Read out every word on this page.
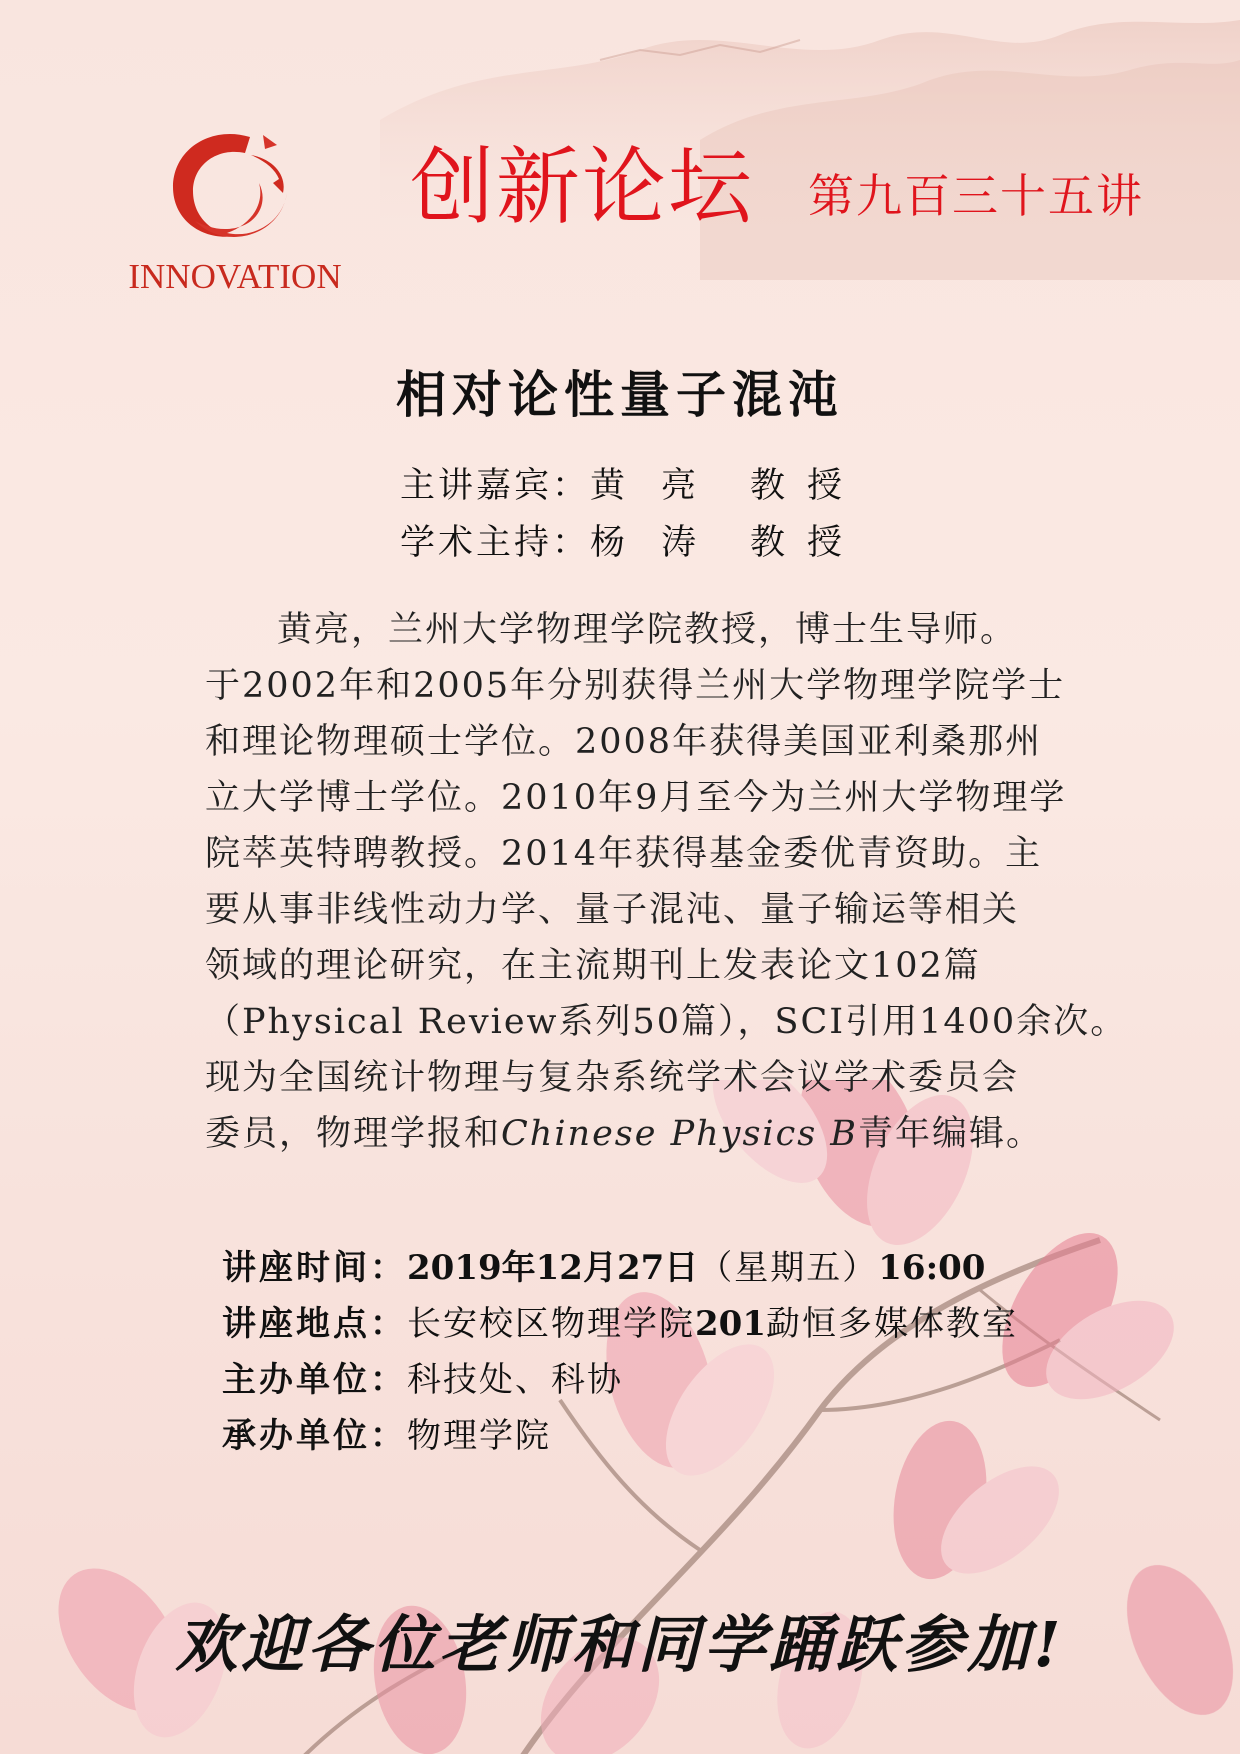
INNOVATION
创新论坛 第九百三十五讲
相对论性量子混沌
主讲嘉宾： 黄亮 教授
学术主持： 杨涛 教授
黄亮，兰州大学物理学院教授，博士生导师。
于2002年和2005年分别获得兰州大学物理学院学士
和理论物理硕士学位。2008年获得美国亚利桑那州
立大学博士学位。2010年9月至今为兰州大学物理学
院萃英特聘教授。2014年获得基金委优青资助。主
要从事非线性动力学、量子混沌、量子输运等相关
领域的理论研究，在主流期刊上发表论文102篇
（Physical Review系列50篇），SCI引用1400余次。
现为全国统计物理与复杂系统学术会议学术委员会
委员，物理学报和Chinese Physics B青年编辑。
讲座时间：2019年12月27日（星期五）16:00
讲座地点：长安校区物理学院201勐恒多媒体教室
主办单位：科技处、科协
承办单位：物理学院
欢迎各位老师和同学踊跃参加!
